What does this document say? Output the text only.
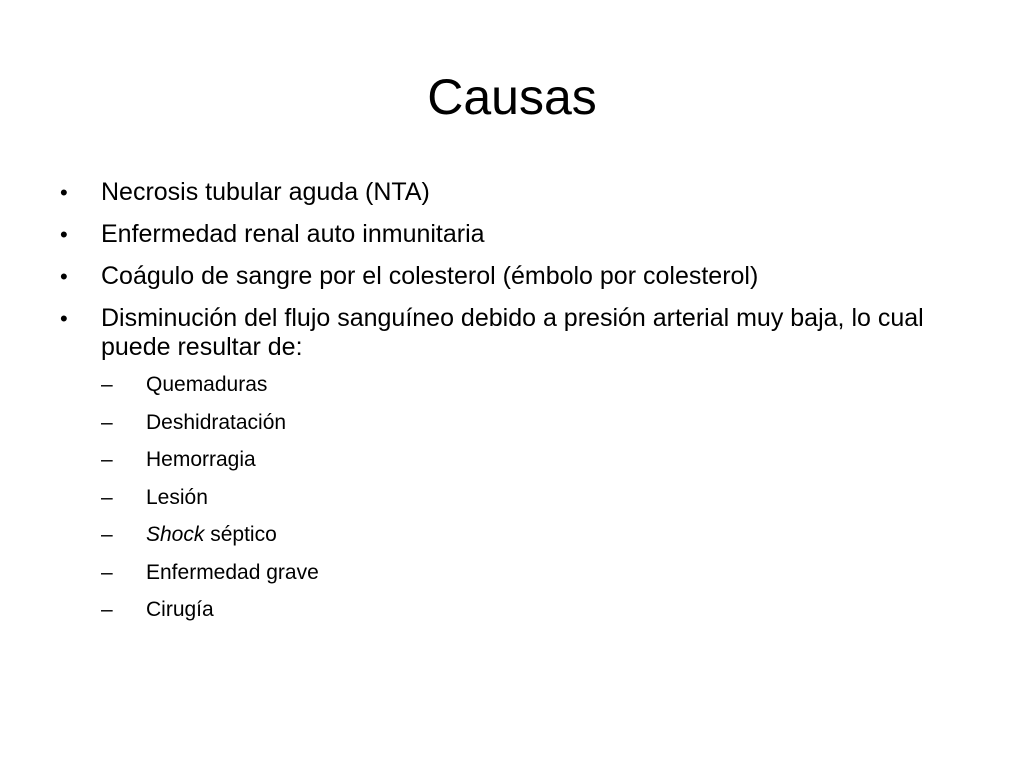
Causas
•	Necrosis tubular aguda (NTA)
•	Enfermedad renal auto inmunitaria
•	Coágulo de sangre por el colesterol (émbolo por colesterol)
•	Disminución del flujo sanguíneo debido a presión arterial muy baja, lo cual puede resultar de:
– Quemaduras
– Deshidratación
– Hemorragia
– Lesión
– Shock séptico
– Enfermedad grave
– Cirugía
